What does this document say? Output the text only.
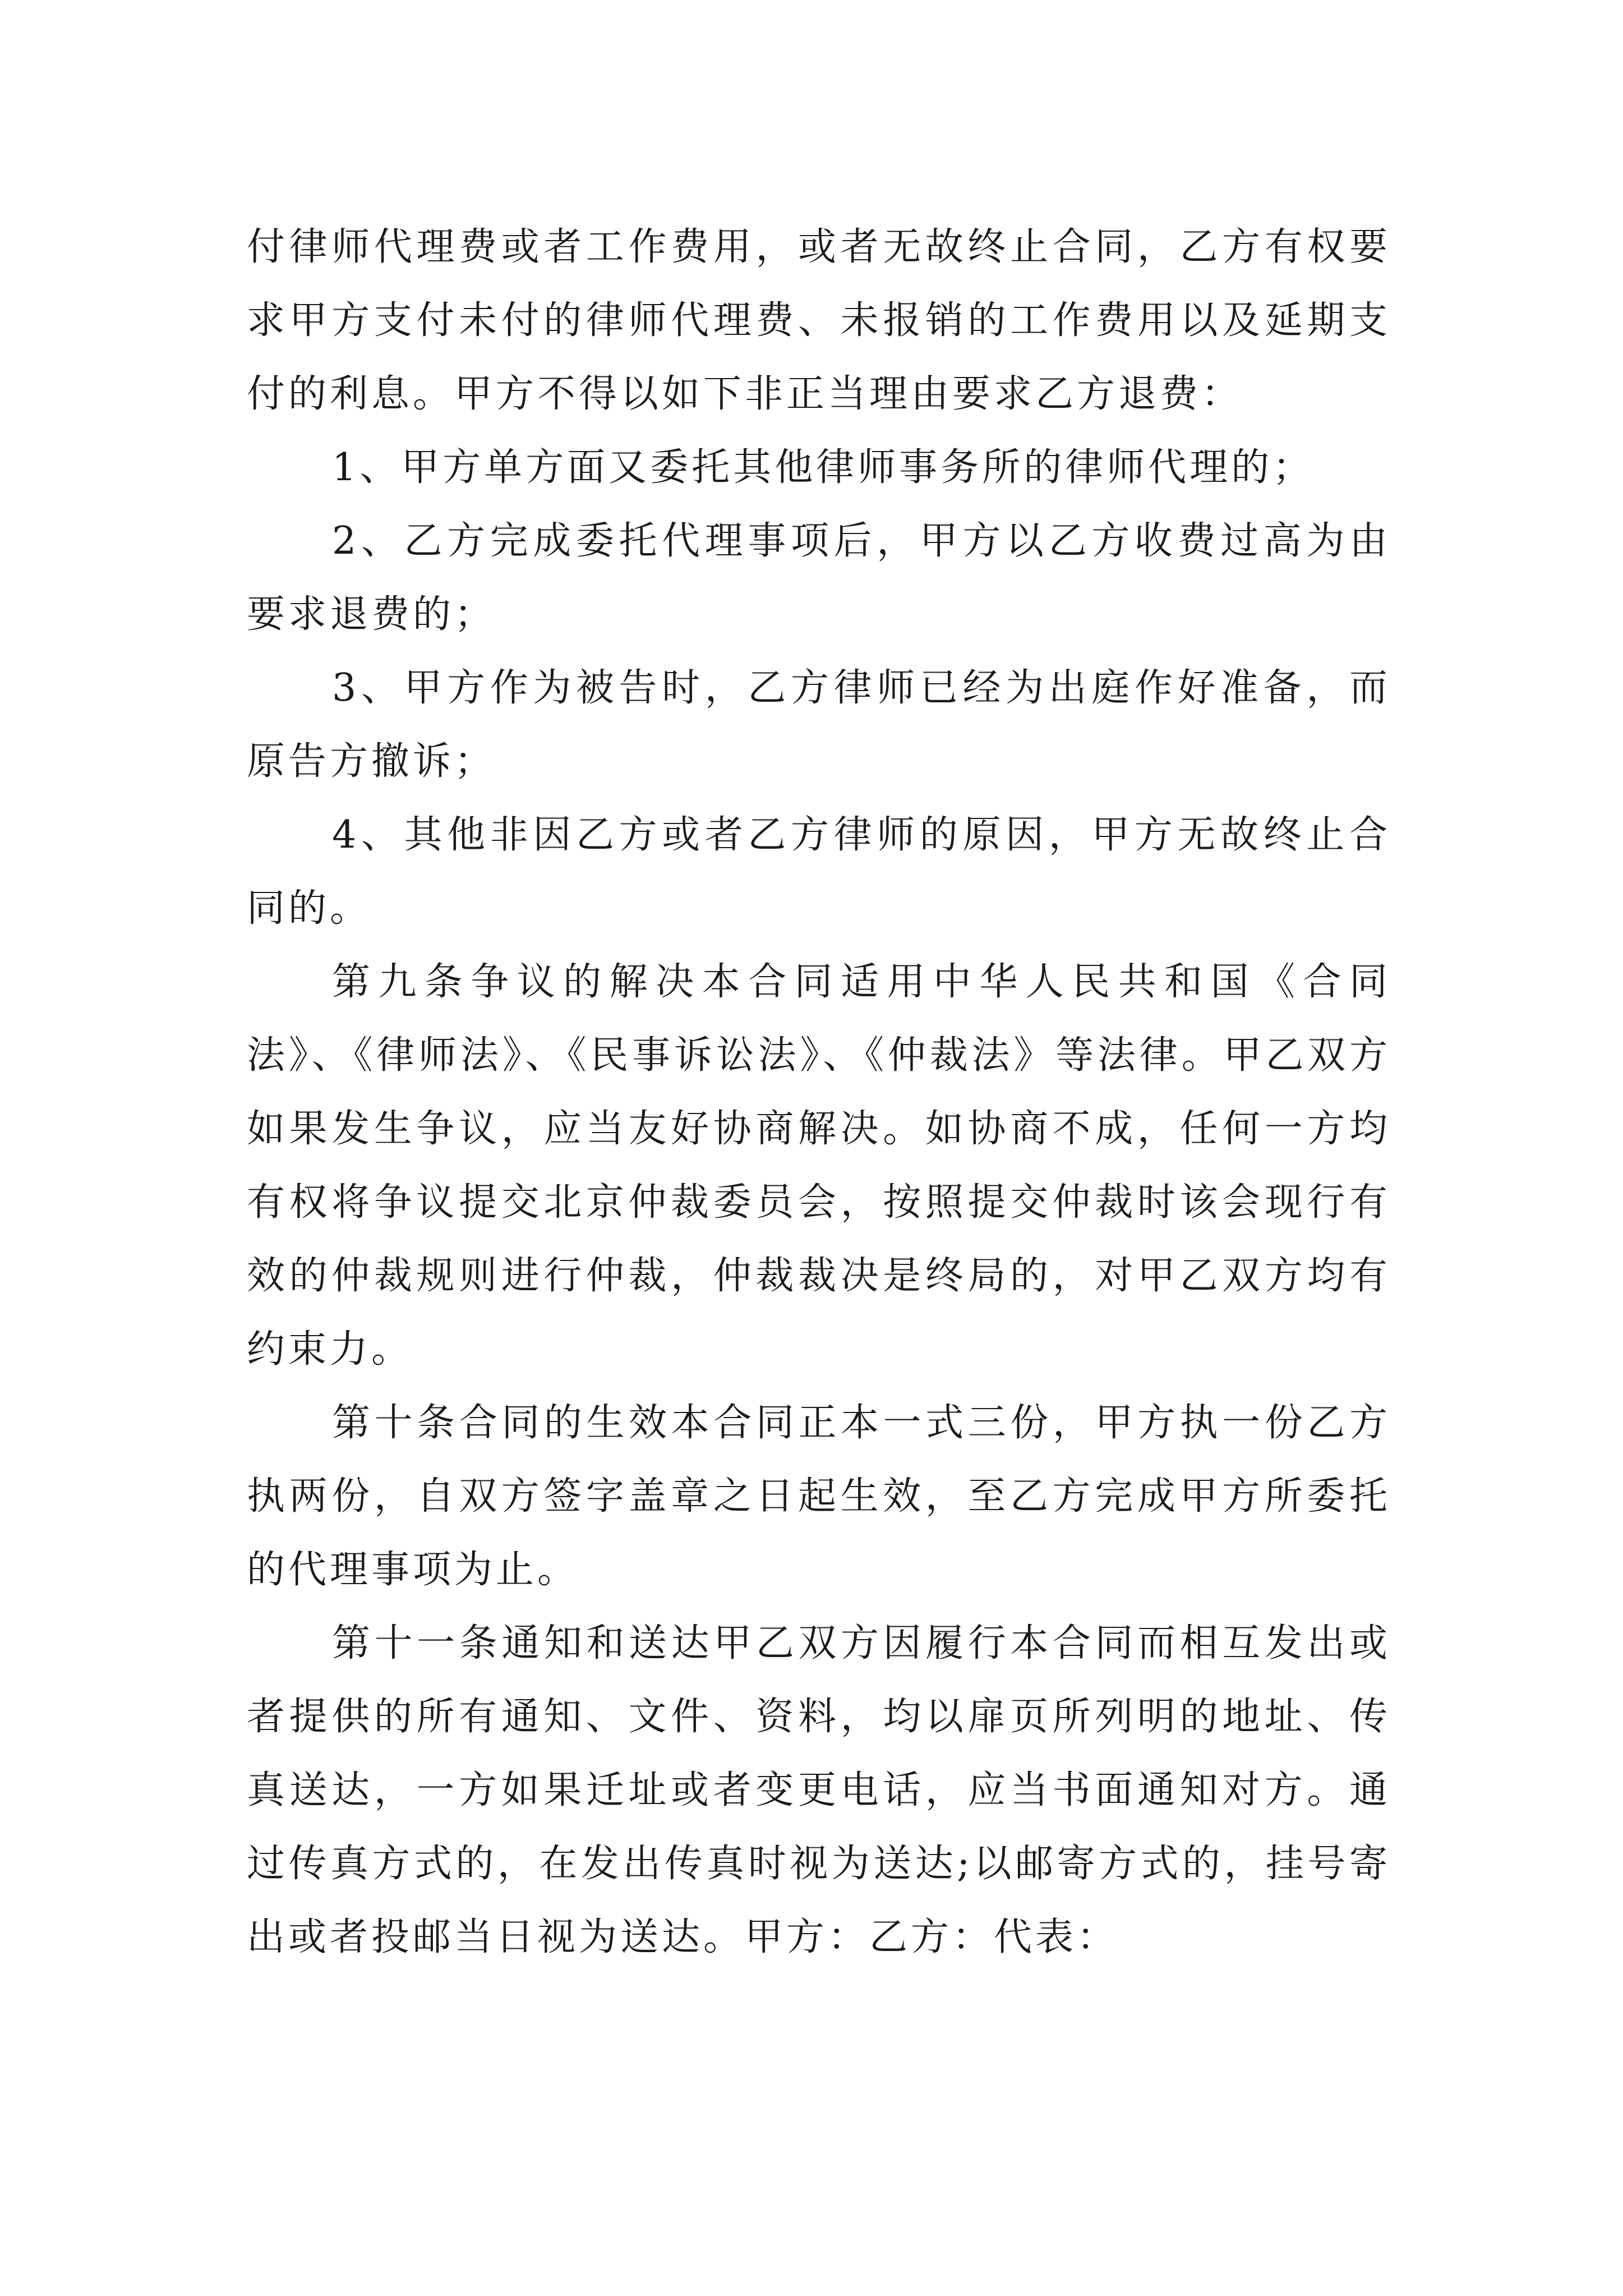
付律师代理费或者工作费用，或者无故终止合同，乙方有权要求甲方支付未付的律师代理费、未报销的工作费用以及延期支付的利息。甲方不得以如下非正当理由要求乙方退费：

1、甲方单方面又委托其他律师事务所的律师代理的；

2、乙方完成委托代理事项后，甲方以乙方收费过高为由要求退费的；

3、甲方作为被告时，乙方律师已经为出庭作好准备，而原告方撤诉；

4、其他非因乙方或者乙方律师的原因，甲方无故终止合同的。

第九条争议的解决本合同适用中华人民共和国《合同法》、《律师法》、《民事诉讼法》、《仲裁法》等法律。甲乙双方如果发生争议，应当友好协商解决。如协商不成，任何一方均有权将争议提交北京仲裁委员会，按照提交仲裁时该会现行有效的仲裁规则进行仲裁，仲裁裁决是终局的，对甲乙双方均有约束力。

第十条合同的生效本合同正本一式三份，甲方执一份乙方执两份，自双方签字盖章之日起生效，至乙方完成甲方所委托的代理事项为止。

第十一条通知和送达甲乙双方因履行本合同而相互发出或者提供的所有通知、文件、资料，均以扉页所列明的地址、传真送达，一方如果迁址或者变更电话，应当书面通知对方。通过传真方式的，在发出传真时视为送达;以邮寄方式的，挂号寄出或者投邮当日视为送达。甲方：乙方：代表：
